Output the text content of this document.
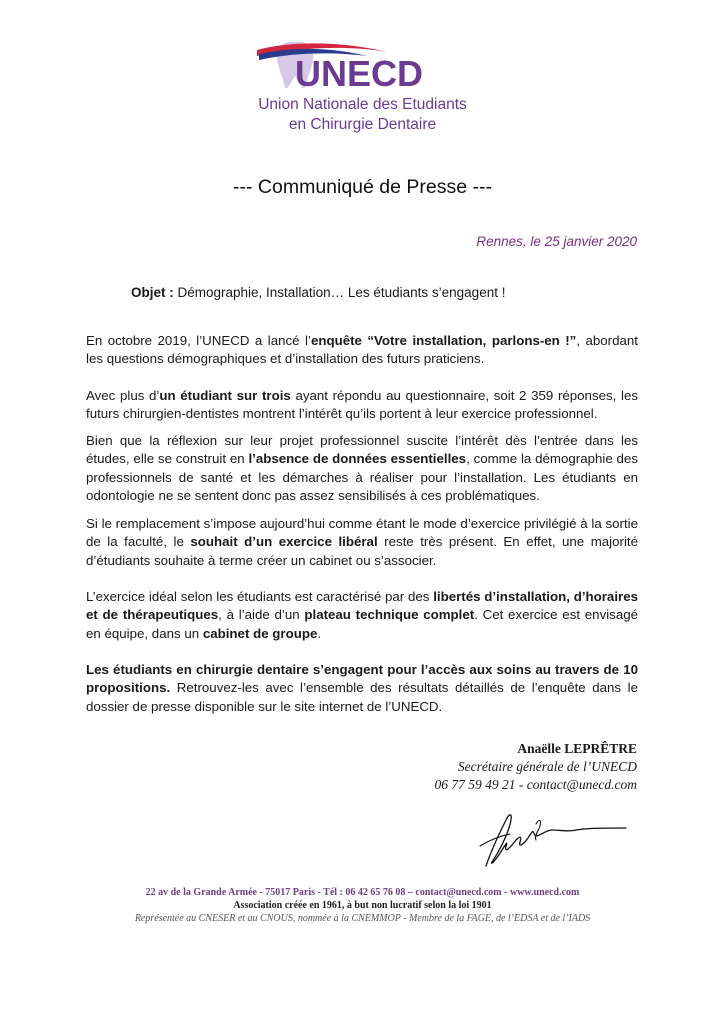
UNECD
Union Nationale des Etudiants
en Chirurgie Dentaire
--- Communiqué de Presse ---
Rennes, le 25 janvier 2020
Objet : Démographie, Installation… Les étudiants s’engagent !
En octobre 2019, l’UNECD a lancé l’enquête “Votre installation, parlons-en !”, abordant les questions démographiques et d’installation des futurs praticiens.
Avec plus d’un étudiant sur trois ayant répondu au questionnaire, soit 2 359 réponses, les futurs chirurgien-dentistes montrent l’intérêt qu’ils portent à leur exercice professionnel.
Bien que la réflexion sur leur projet professionnel suscite l’intérêt dès l’entrée dans les études, elle se construit en l’absence de données essentielles, comme la démographie des professionnels de santé et les démarches à réaliser pour l’installation. Les étudiants en odontologie ne se sentent donc pas assez sensibilisés à ces problématiques.
Si le remplacement s’impose aujourd’hui comme étant le mode d’exercice privilégié à la sortie de la faculté, le souhait d’un exercice libéral reste très présent. En effet, une majorité d’étudiants souhaite à terme créer un cabinet ou s’associer.
L’exercice idéal selon les étudiants est caractérisé par des libertés d’installation, d’horaires et de thérapeutiques, à l’aide d’un plateau technique complet. Cet exercice est envisagé en équipe, dans un cabinet de groupe.
Les étudiants en chirurgie dentaire s’engagent pour l’accès aux soins au travers de 10 propositions. Retrouvez-les avec l’ensemble des résultats détaillés de l’enquête dans le dossier de presse disponible sur le site internet de l’UNECD.
Anaëlle LEPRÊTRE
Secrétaire générale de l’UNECD
06 77 59 49 21 - contact@unecd.com
22 av de la Grande Armée - 75017 Paris - Tél : 06 42 65 76 08 – contact@unecd.com - www.unecd.com
Association créée en 1961, à but non lucratif selon la loi 1901
Représentée au CNESER et au CNOUS, nommée à la CNEMMOP - Membre de la FAGE, de l’EDSA et de l’IADS
